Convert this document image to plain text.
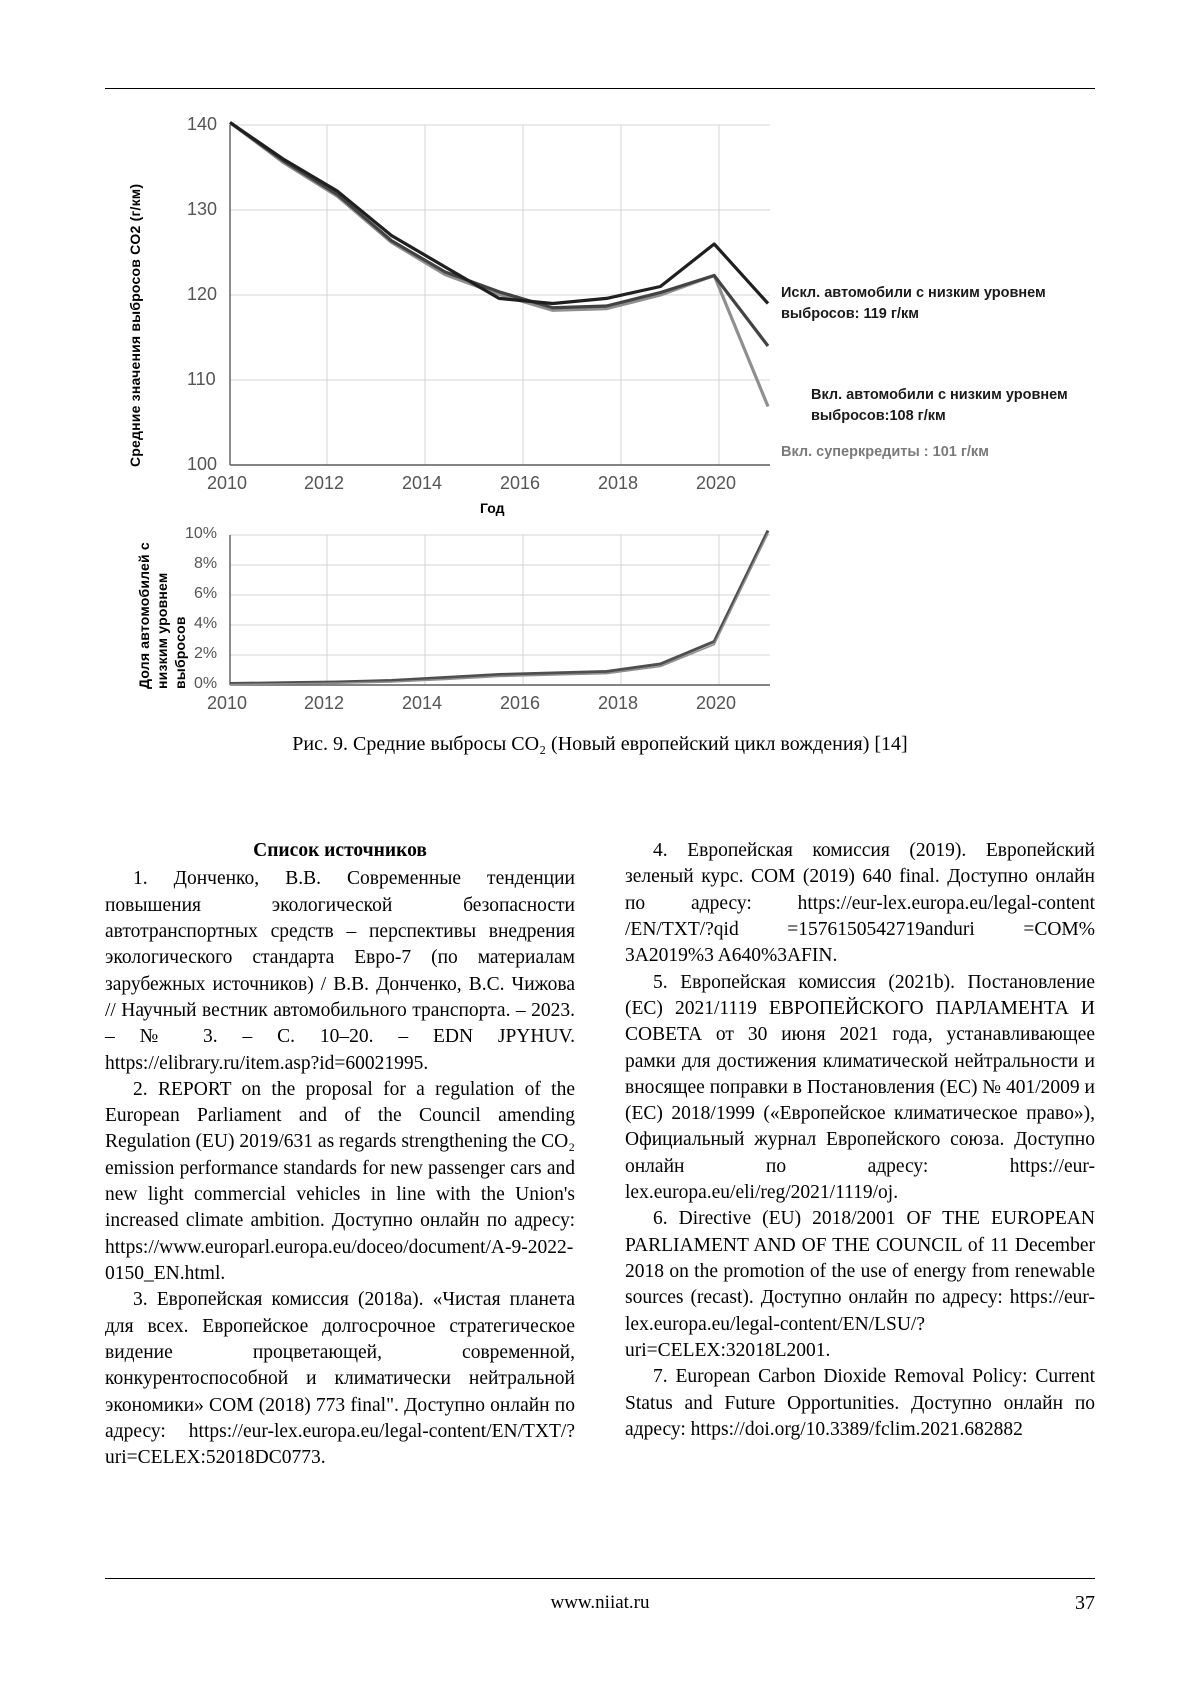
Средние значения выбросов CO2 (г/км)
140
130
120
110
100
2010	2012	2014	2016	2018	2020
Год
Искл. автомобили с низким уровнем выбросов: 119 г/км
Вкл. автомобили с низким уровнем выбросов:108 г/км
Вкл. суперкредиты : 101 г/км
Доля автомобилей с низким уровнем выбросов
10%
8%
6%
4%
2%
0%
2010	2012	2014	2016	2018	2020
Рис. 9. Средние выбросы CO₂ (Новый европейский цикл вождения) [14]
Список источников

1. Донченко, В.В. Современные тенденции повышения экологической безопасности автотранспортных средств – перспективы внедрения экологического стандарта Евро-7 (по материалам зарубежных источников) / В.В. Донченко, В.С. Чижова // Научный вестник автомобильного транспорта. – 2023. – № 3. – С. 10–20. – EDN JPYHUV. https://elibrary.ru/item.asp?id=60021995.

2. REPORT on the proposal for a regulation of the European Parliament and of the Council amending Regulation (EU) 2019/631 as regards strengthening the CO₂ emission performance standards for new passenger cars and new light commercial vehicles in line with the Union's increased climate ambition. Доступно онлайн по адресу: https://www.europarl.europa.eu/doceo/document/A-9-2022-0150_EN.html.

3. Европейская комиссия (2018a). «Чистая планета для всех. Европейское долгосрочное стратегическое видение процветающей, современной, конкурентоспособной и климатически нейтральной экономики» COM (2018) 773 final". Доступно онлайн по адресу: https://eur-lex.europa.eu/legal-content/EN/TXT/?uri=CELEX:52018DC0773.

4. Европейская комиссия (2019). Европейский зеленый курс. COM (2019) 640 final. Доступно онлайн по адресу: https://eur-lex.europa.eu/legal-content /EN/TXT/?qid =1576150542719anduri =COM% 3A2019%3 A640%3AFIN.

5. Европейская комиссия (2021b). Постановление (ЕС) 2021/1119 ЕВРОПЕЙСКОГО ПАРЛАМЕНТА И СОВЕТА от 30 июня 2021 года, устанавливающее рамки для достижения климатической нейтральности и вносящее поправки в Постановления (ЕС) № 401/2009 и (ЕС) 2018/1999 («Европейское климатическое право»), Официальный журнал Европейского союза. Доступно онлайн по адресу: https://eur-lex.europa.eu/eli/reg/2021/1119/oj.

6. Directive (EU) 2018/2001 OF THE EUROPEAN PARLIAMENT AND OF THE COUNCIL of 11 December 2018 on the promotion of the use of energy from renewable sources (recast). Доступно онлайн по адресу: https://eur-lex.europa.eu/legal-content/EN/LSU/?uri=CELEX:32018L2001.

7. European Carbon Dioxide Removal Policy: Current Status and Future Opportunities. Доступно онлайн по адресу: https://doi.org/10.3389/fclim.2021.682882

www.niiat.ru	37
